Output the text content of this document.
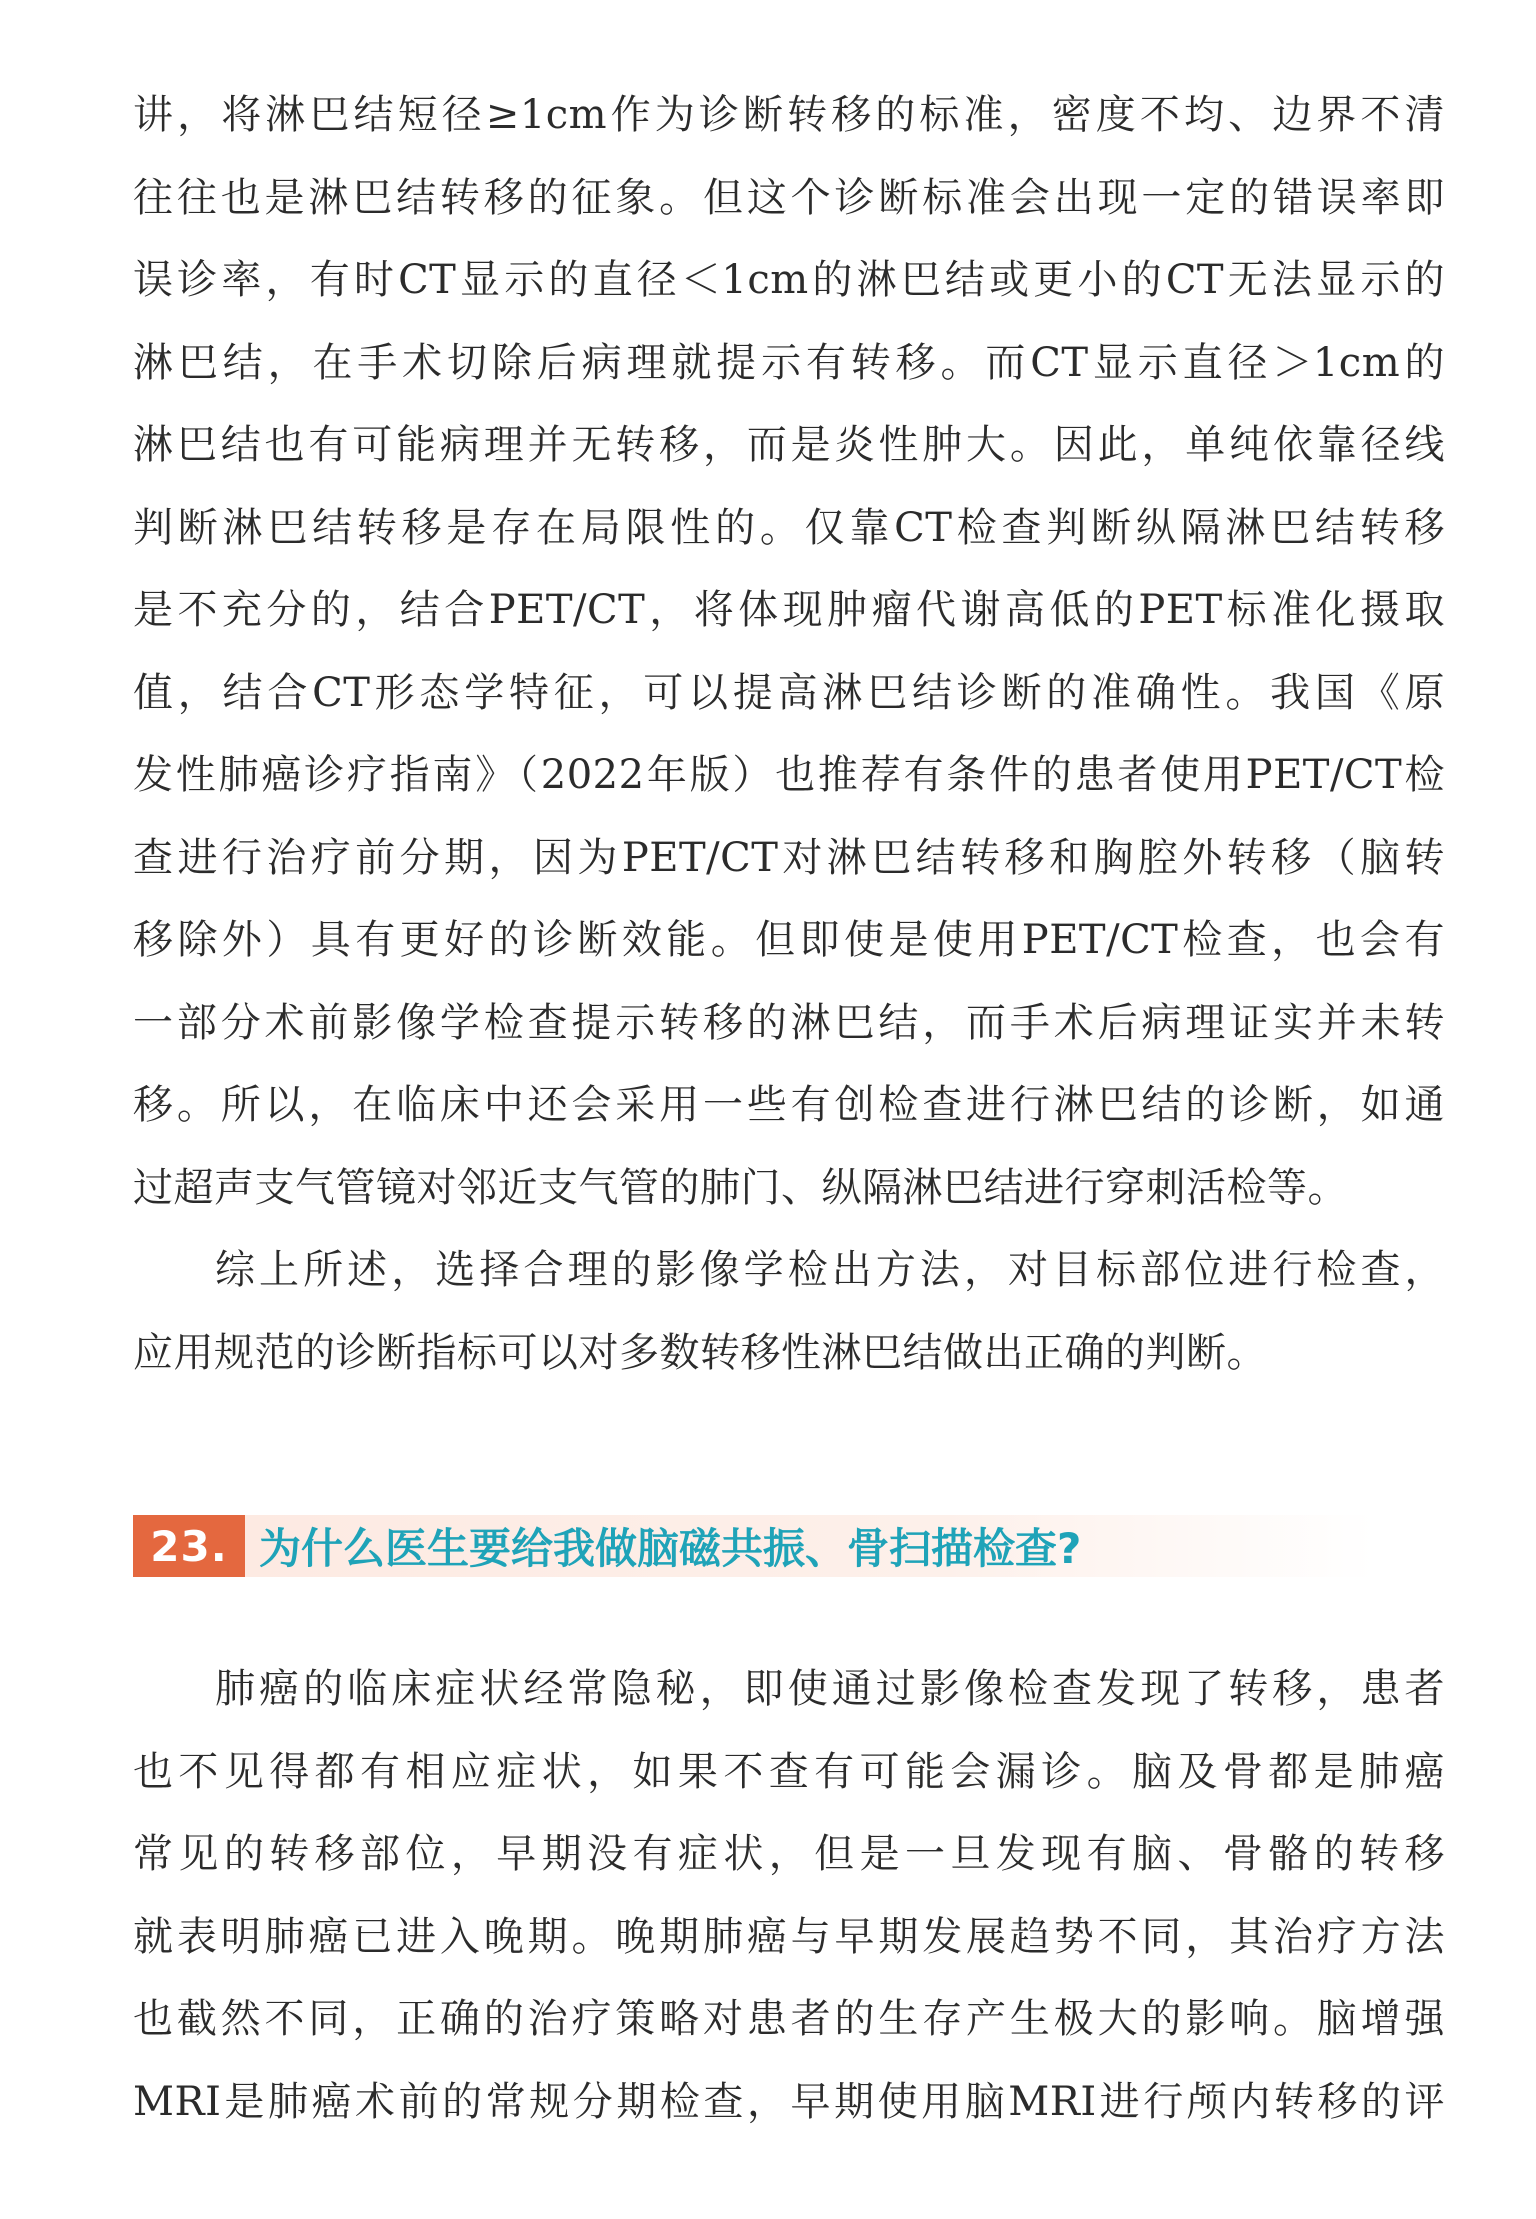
讲，将淋巴结短径≥1cm作为诊断转移的标准，密度不均、边界不清
往往也是淋巴结转移的征象。但这个诊断标准会出现一定的错误率即
误诊率，有时CT显示的直径＜1cm的淋巴结或更小的CT无法显示的
淋巴结，在手术切除后病理就提示有转移。而CT显示直径＞1cm的
淋巴结也有可能病理并无转移，而是炎性肿大。因此，单纯依靠径线
判断淋巴结转移是存在局限性的。仅靠CT检查判断纵隔淋巴结转移
是不充分的，结合PET/CT，将体现肿瘤代谢高低的PET标准化摄取
值，结合CT形态学特征，可以提高淋巴结诊断的准确性。我国《原
发性肺癌诊疗指南》（2022年版）也推荐有条件的患者使用PET/CT检
查进行治疗前分期，因为PET/CT对淋巴结转移和胸腔外转移（脑转
移除外）具有更好的诊断效能。但即使是使用PET/CT检查，也会有
一部分术前影像学检查提示转移的淋巴结，而手术后病理证实并未转
移。所以，在临床中还会采用一些有创检查进行淋巴结的诊断，如通
过超声支气管镜对邻近支气管的肺门、纵隔淋巴结进行穿刺活检等。
综上所述，选择合理的影像学检出方法，对目标部位进行检查，
应用规范的诊断指标可以对多数转移性淋巴结做出正确的判断。
23. 为什么医生要给我做脑磁共振、骨扫描检查?
肺癌的临床症状经常隐秘，即使通过影像检查发现了转移，患者
也不见得都有相应症状，如果不查有可能会漏诊。脑及骨都是肺癌
常见的转移部位，早期没有症状，但是一旦发现有脑、骨骼的转移
就表明肺癌已进入晚期。晚期肺癌与早期发展趋势不同，其治疗方法
也截然不同，正确的治疗策略对患者的生存产生极大的影响。脑增强
MRI是肺癌术前的常规分期检查，早期使用脑MRI进行颅内转移的评
